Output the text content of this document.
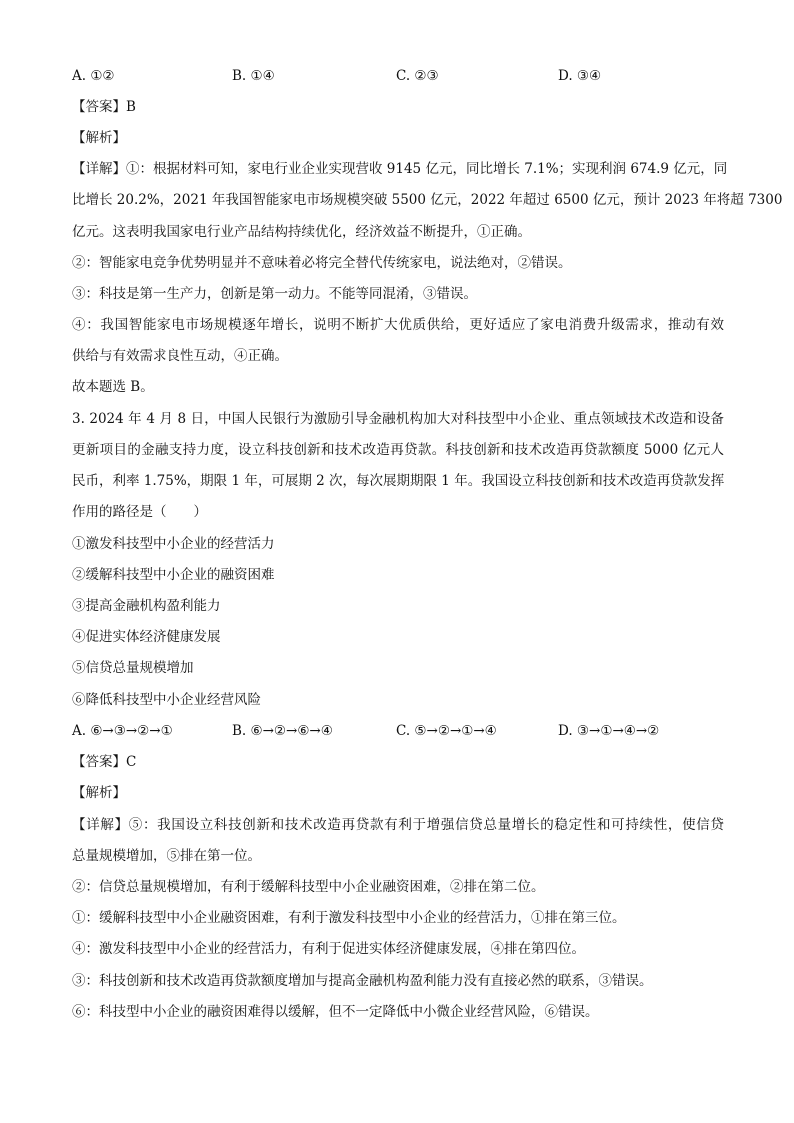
A. ①②	B. ①④	C. ②③	D. ③④
【答案】B
【解析】
【详解】①：根据材料可知，家电行业企业实现营收 9145 亿元，同比增长 7.1%；实现利润 674.9 亿元，同
比增长 20.2%，2021 年我国智能家电市场规模突破 5500 亿元，2022 年超过 6500 亿元，预计 2023 年将超 7300
亿元。这表明我国家电行业产品结构持续优化，经济效益不断提升，①正确。
②：智能家电竞争优势明显并不意味着必将完全替代传统家电，说法绝对，②错误。
③：科技是第一生产力，创新是第一动力。不能等同混淆，③错误。
④：我国智能家电市场规模逐年增长，说明不断扩大优质供给，更好适应了家电消费升级需求，推动有效
供给与有效需求良性互动，④正确。
故本题选 B。
3. 2024 年 4 月 8 日，中国人民银行为激励引导金融机构加大对科技型中小企业、重点领域技术改造和设备
更新项目的金融支持力度，设立科技创新和技术改造再贷款。科技创新和技术改造再贷款额度 5000 亿元人
民币，利率 1.75%，期限 1 年，可展期 2 次，每次展期期限 1 年。我国设立科技创新和技术改造再贷款发挥
作用的路径是（　　）
①激发科技型中小企业的经营活力
②缓解科技型中小企业的融资困难
③提高金融机构盈利能力
④促进实体经济健康发展
⑤信贷总量规模增加
⑥降低科技型中小企业经营风险
A. ⑥→③→②→①	B. ⑥→②→⑥→④	C. ⑤→②→①→④	D. ③→①→④→②
【答案】C
【解析】
【详解】⑤：我国设立科技创新和技术改造再贷款有利于增强信贷总量增长的稳定性和可持续性，使信贷
总量规模增加，⑤排在第一位。
②：信贷总量规模增加，有利于缓解科技型中小企业融资困难，②排在第二位。
①：缓解科技型中小企业融资困难，有利于激发科技型中小企业的经营活力，①排在第三位。
④：激发科技型中小企业的经营活力，有利于促进实体经济健康发展，④排在第四位。
③：科技创新和技术改造再贷款额度增加与提高金融机构盈利能力没有直接必然的联系，③错误。
⑥：科技型中小企业的融资困难得以缓解，但不一定降低中小微企业经营风险，⑥错误。
